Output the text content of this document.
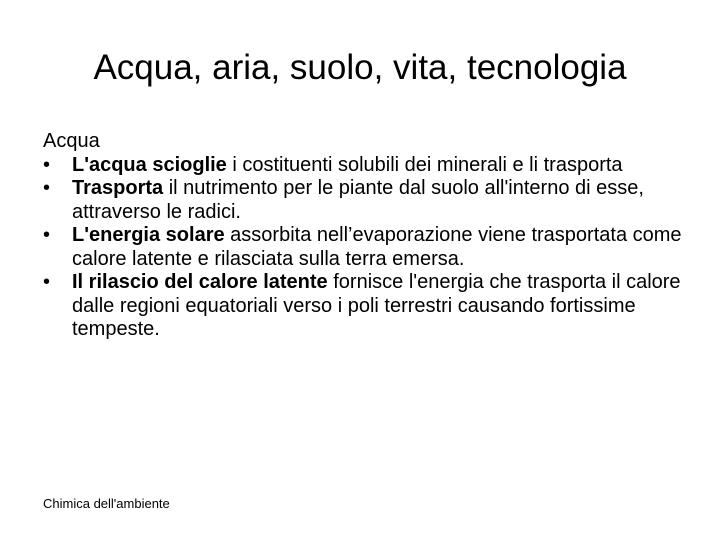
Acqua, aria, suolo, vita, tecnologia

Acqua

• L'acqua scioglie i costituenti solubili dei minerali e li trasporta
• Trasporta il nutrimento per le piante dal suolo all'interno di esse, attraverso le radici.
• L'energia solare assorbita nell’evaporazione viene trasportata come calore latente e rilasciata sulla terra emersa.
• Il rilascio del calore latente fornisce l'energia che trasporta il calore dalle regioni equatoriali verso i poli terrestri causando fortissime tempeste.
Chimica dell'ambiente
